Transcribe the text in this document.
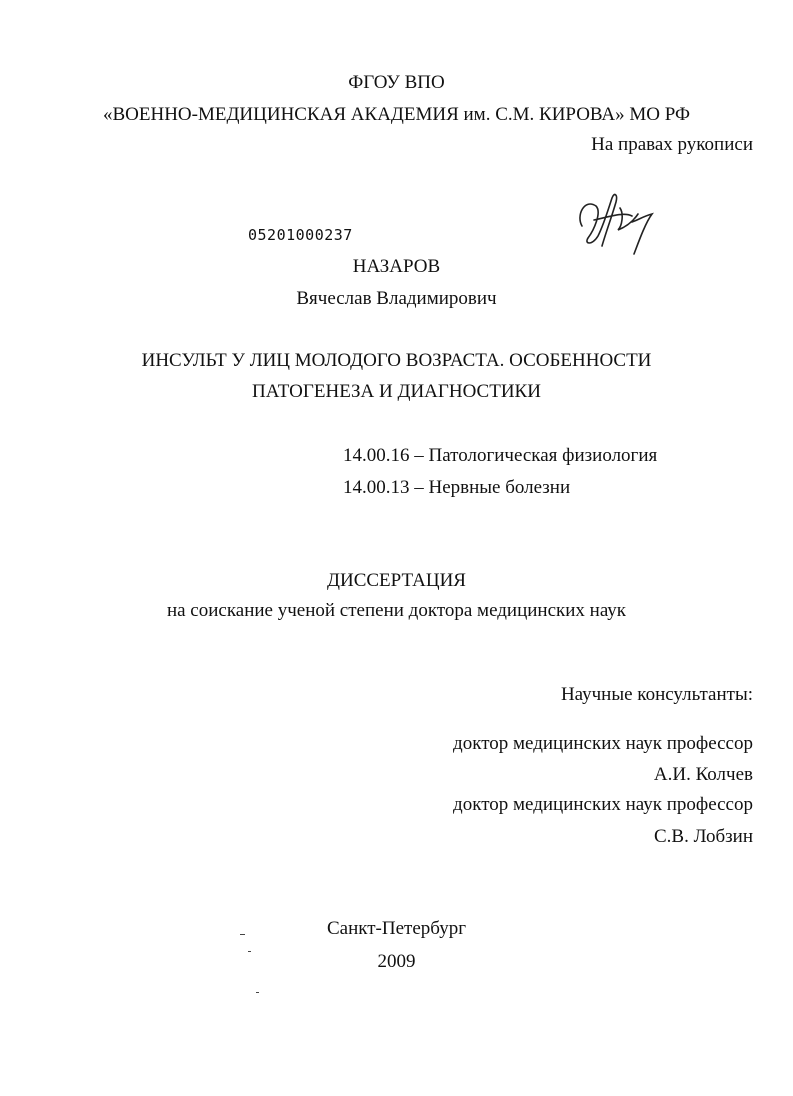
ФГОУ ВПО
«ВОЕННО-МЕДИЦИНСКАЯ АКАДЕМИЯ им. С.М. КИРОВА» МО РФ
На правах рукописи
05201000237
НАЗАРОВ
Вячеслав Владимирович
ИНСУЛЬТ У ЛИЦ МОЛОДОГО ВОЗРАСТА. ОСОБЕННОСТИ
ПАТОГЕНЕЗА И ДИАГНОСТИКИ
14.00.16 – Патологическая физиология
14.00.13 – Нервные болезни
ДИССЕРТАЦИЯ
на соискание ученой степени доктора медицинских наук
Научные консультанты:
доктор медицинских наук профессор
А.И. Колчев
доктор медицинских наук профессор
С.В. Лобзин
Санкт-Петербург
2009
